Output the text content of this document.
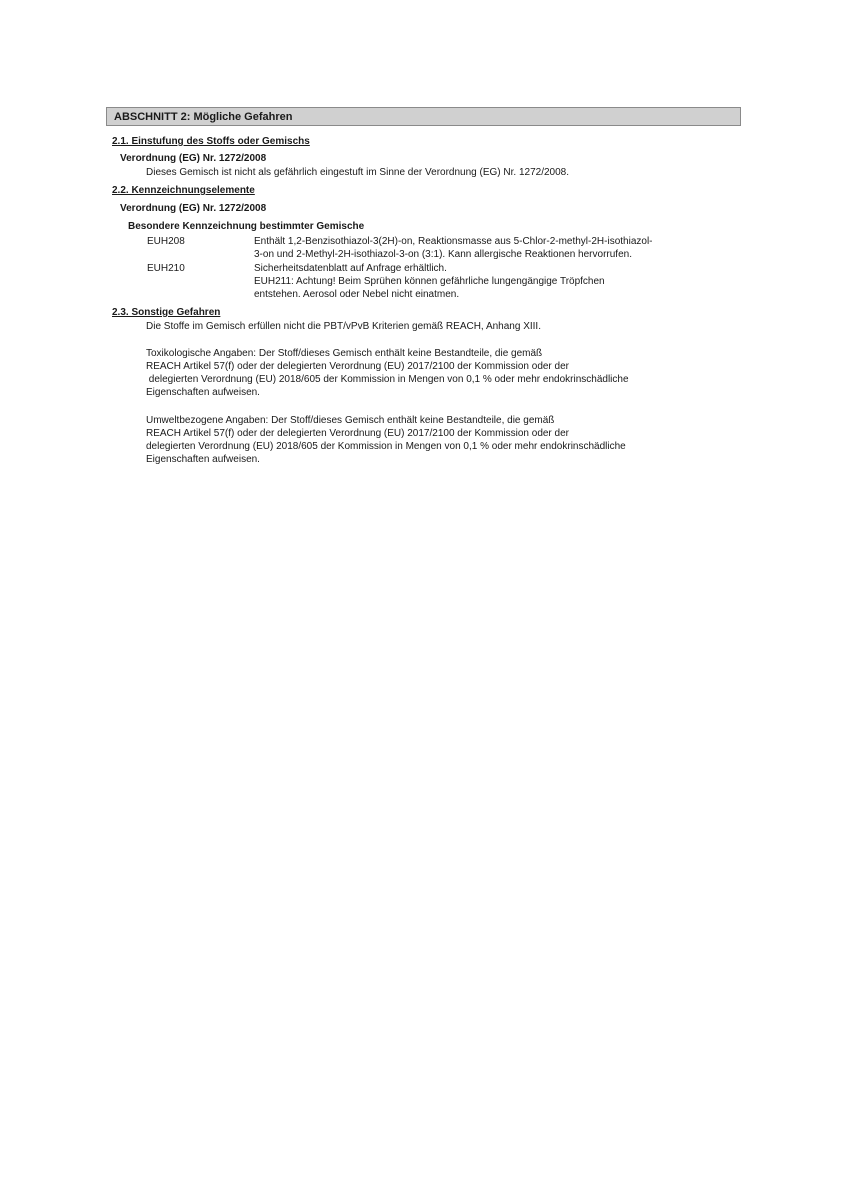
ABSCHNITT 2: Mögliche Gefahren
2.1. Einstufung des Stoffs oder Gemischs
Verordnung (EG) Nr. 1272/2008
Dieses Gemisch ist nicht als gefährlich eingestuft im Sinne der Verordnung (EG) Nr. 1272/2008.
2.2. Kennzeichnungselemente
Verordnung (EG) Nr. 1272/2008
Besondere Kennzeichnung bestimmter Gemische
EUH208	Enthält 1,2-Benzisothiazol-3(2H)-on, Reaktionsmasse aus 5-Chlor-2-methyl-2H-isothiazol-
3-on und 2-Methyl-2H-isothiazol-3-on (3:1). Kann allergische Reaktionen hervorrufen.
EUH210	Sicherheitsdatenblatt auf Anfrage erhältlich.
EUH211: Achtung! Beim Sprühen können gefährliche lungengängige Tröpfchen
entstehen. Aerosol oder Nebel nicht einatmen.
2.3. Sonstige Gefahren
Die Stoffe im Gemisch erfüllen nicht die PBT/vPvB Kriterien gemäß REACH, Anhang XIII.
Toxikologische Angaben: Der Stoff/dieses Gemisch enthält keine Bestandteile, die gemäß
REACH Artikel 57(f) oder der delegierten Verordnung (EU) 2017/2100 der Kommission oder der
delegierten Verordnung (EU) 2018/605 der Kommission in Mengen von 0,1 % oder mehr endokrinschädliche
Eigenschaften aufweisen.
Umweltbezogene Angaben: Der Stoff/dieses Gemisch enthält keine Bestandteile, die gemäß
REACH Artikel 57(f) oder der delegierten Verordnung (EU) 2017/2100 der Kommission oder der
delegierten Verordnung (EU) 2018/605 der Kommission in Mengen von 0,1 % oder mehr endokrinschädliche
Eigenschaften aufweisen.
